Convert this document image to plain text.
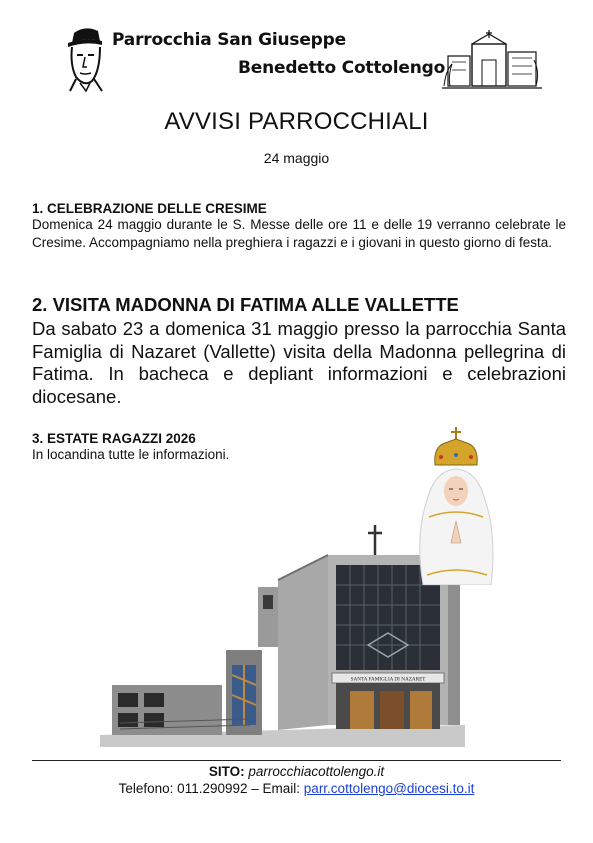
Parrocchia San Giuseppe
Benedetto Cottolengo
AVVISI PARROCCHIALI
24 maggio
1. CELEBRAZIONE DELLE CRESIME
Domenica 24 maggio durante le S. Messe delle ore 11 e delle 19 verranno celebrate le Cresime. Accompagniamo nella preghiera i ragazzi e i giovani in questo giorno di festa.
2. VISITA MADONNA DI FATIMA ALLE VALLETTE
Da sabato 23 a domenica 31 maggio presso la parrocchia Santa Famiglia di Nazaret (Vallette) visita della Madonna pellegrina di Fatima. In bacheca e depliant informazioni e celebrazioni diocesane.
3. ESTATE RAGAZZI 2026
In locandina tutte le informazioni.
SANTA FAMIGLIA DI NAZARET
SITO: parrocchiacottolengo.it
Telefono: 011.290992 – Email: parr.cottolengo@diocesi.to.it
